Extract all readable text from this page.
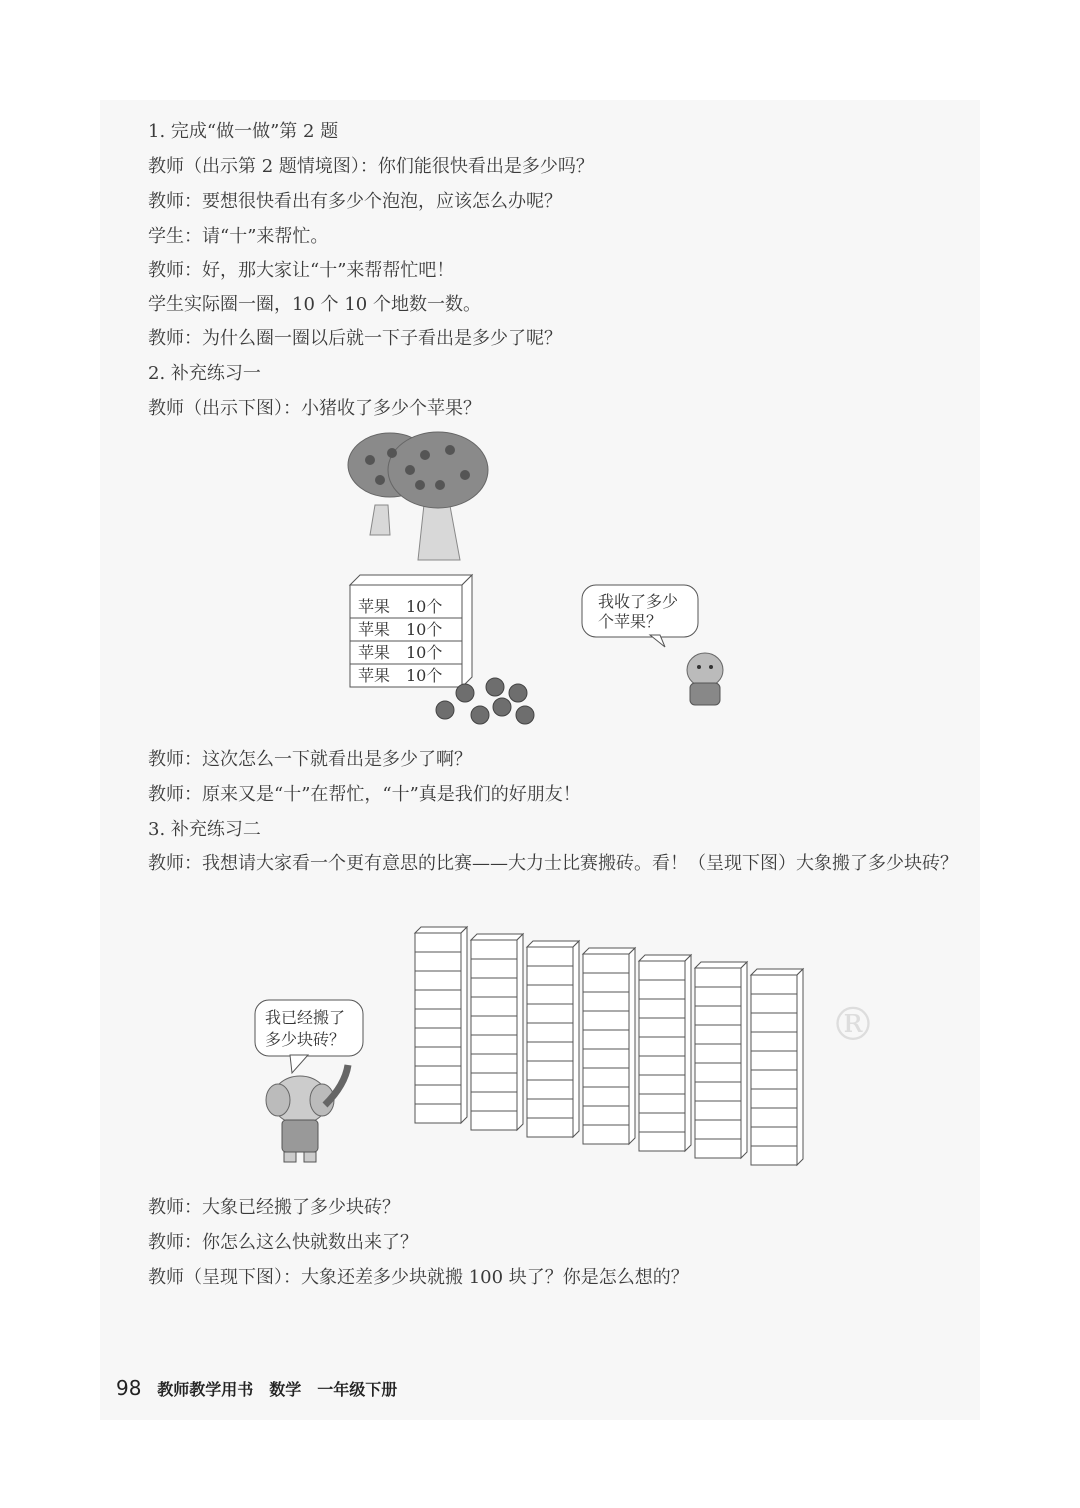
1. 完成“做一做”第 2 题
教师（出示第 2 题情境图）：你们能很快看出是多少吗？
教师：要想很快看出有多少个泡泡，应该怎么办呢？
学生：请“十”来帮忙。
教师：好，那大家让“十”来帮帮忙吧！
学生实际圈一圈，10 个 10 个地数一数。
教师：为什么圈一圈以后就一下子看出是多少了呢？
2. 补充练习一
教师（出示下图）：小猪收了多少个苹果？
苹果 10个
苹果 10个
苹果 10个
苹果 10个
我收了多少
个苹果？
教师：这次怎么一下就看出是多少了啊？
教师：原来又是“十”在帮忙，“十”真是我们的好朋友！
3. 补充练习二
教师：我想请大家看一个更有意思的比赛——大力士比赛搬砖。看！（呈现下图）大象搬了多少块砖？
®
我已经搬了
多少块砖？
教师：大象已经搬了多少块砖？
教师：你怎么这么快就数出来了？
教师（呈现下图）：大象还差多少块就搬 100 块了？你是怎么想的？
98 教师教学用书　数学　一年级下册
